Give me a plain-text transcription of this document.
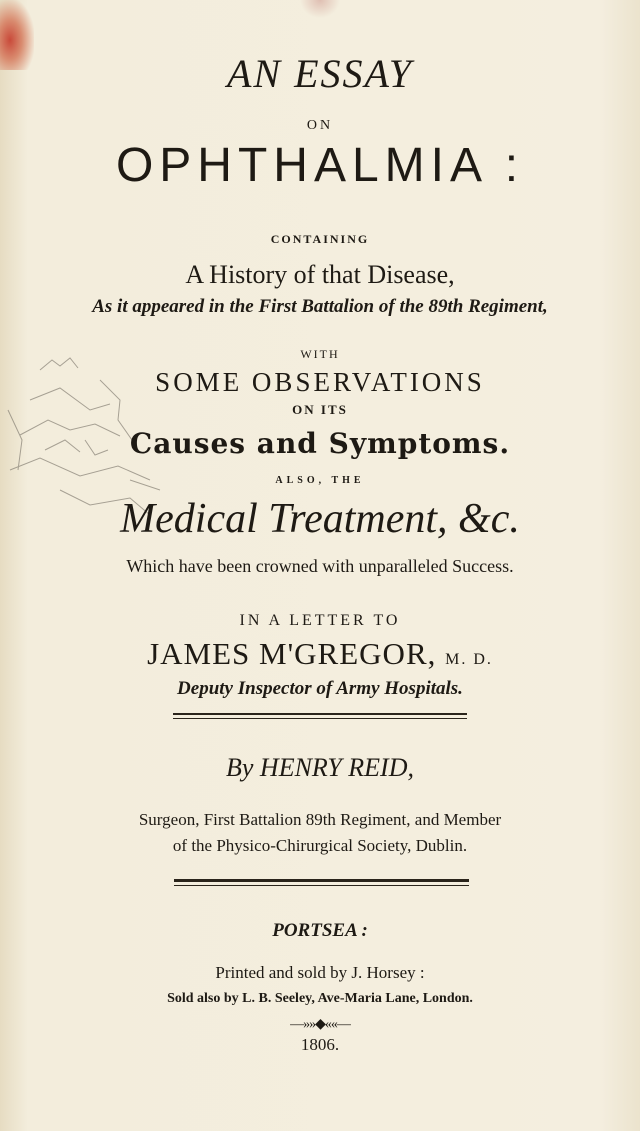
AN ESSAY
ON
OPHTHALMIA :
CONTAINING
A History of that Disease,
As it appeared in the First Battalion of the 89th Regiment,
WITH
SOME OBSERVATIONS
ON ITS
Causes and Symptoms.
ALSO, THE
Medical Treatment, &c.
Which have been crowned with unparalleled Success.
IN A LETTER TO
JAMES M'GREGOR, M. D.
Deputy Inspector of Army Hospitals.
By HENRY REID,
Surgeon, First Battalion 89th Regiment, and Member
of the Physico-Chirurgical Society, Dublin.
PORTSEA :
Printed and sold by J. Horsey :
Sold also by L. B. Seeley, Ave-Maria Lane, London.
—»»◆««—
1806.
